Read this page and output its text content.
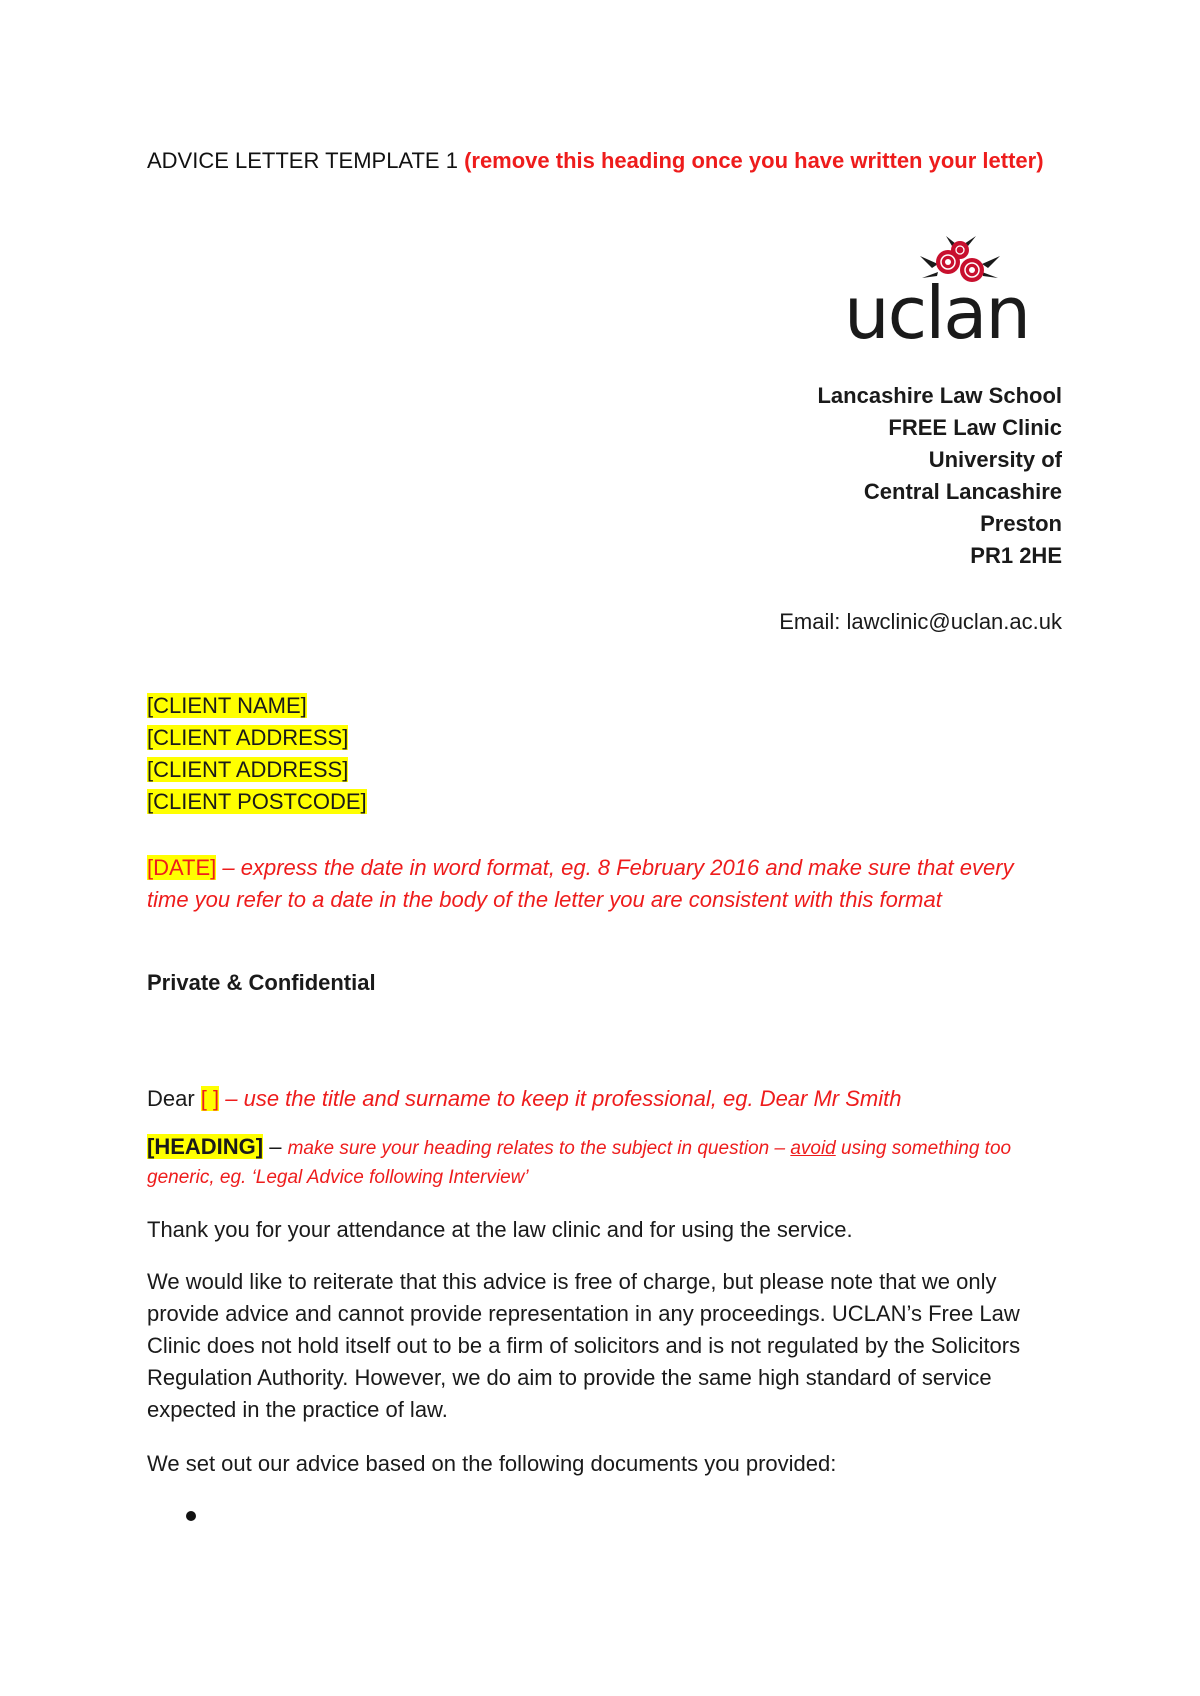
ADVICE LETTER TEMPLATE 1 (remove this heading once you have written your letter)
uclan
Lancashire Law School
FREE Law Clinic
University of
Central Lancashire
Preston
PR1 2HE
Email: lawclinic@uclan.ac.uk
[CLIENT NAME]
[CLIENT ADDRESS]
[CLIENT ADDRESS]
[CLIENT POSTCODE]
[DATE] – express the date in word format, eg. 8 February 2016 and make sure that every time you refer to a date in the body of the letter you are consistent with this format
Private & Confidential
Dear [ ] – use the title and surname to keep it professional, eg. Dear Mr Smith
[HEADING] – make sure your heading relates to the subject in question – avoid using something too generic, eg. ‘Legal Advice following Interview’
Thank you for your attendance at the law clinic and for using the service.
We would like to reiterate that this advice is free of charge, but please note that we only provide advice and cannot provide representation in any proceedings. UCLAN’s Free Law Clinic does not hold itself out to be a firm of solicitors and is not regulated by the Solicitors Regulation Authority. However, we do aim to provide the same high standard of service expected in the practice of law.
We set out our advice based on the following documents you provided:
